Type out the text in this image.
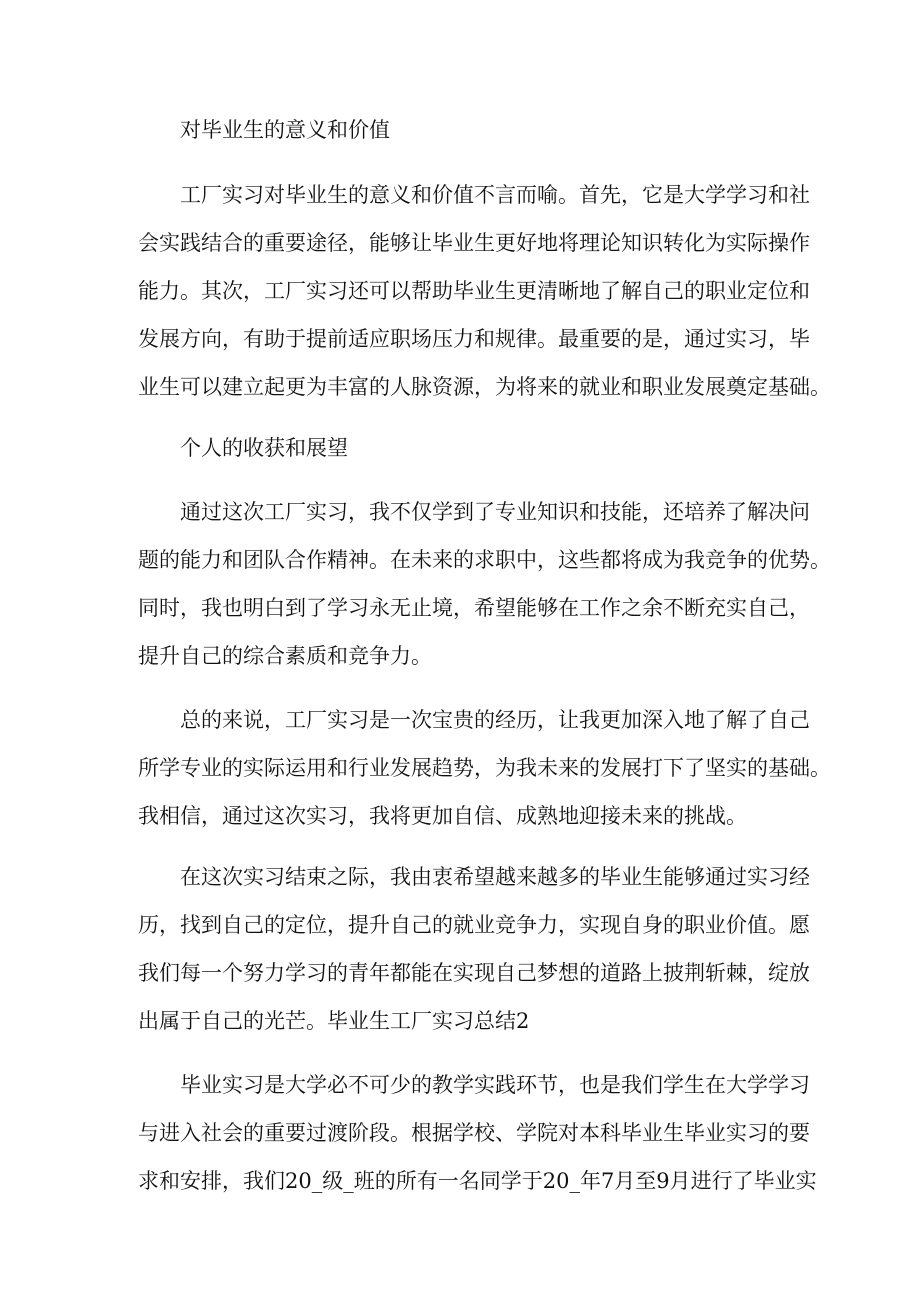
对毕业生的意义和价值
工厂实习对毕业生的意义和价值不言而喻。首先，它是大学学习和社
会实践结合的重要途径，能够让毕业生更好地将理论知识转化为实际操作
能力。其次，工厂实习还可以帮助毕业生更清晰地了解自己的职业定位和
发展方向，有助于提前适应职场压力和规律。最重要的是，通过实习，毕
业生可以建立起更为丰富的人脉资源，为将来的就业和职业发展奠定基础。
个人的收获和展望
通过这次工厂实习，我不仅学到了专业知识和技能，还培养了解决问
题的能力和团队合作精神。在未来的求职中，这些都将成为我竞争的优势。
同时，我也明白到了学习永无止境，希望能够在工作之余不断充实自己，
提升自己的综合素质和竞争力。
总的来说，工厂实习是一次宝贵的经历，让我更加深入地了解了自己
所学专业的实际运用和行业发展趋势，为我未来的发展打下了坚实的基础。
我相信，通过这次实习，我将更加自信、成熟地迎接未来的挑战。
在这次实习结束之际，我由衷希望越来越多的毕业生能够通过实习经
历，找到自己的定位，提升自己的就业竞争力，实现自身的职业价值。愿
我们每一个努力学习的青年都能在实现自己梦想的道路上披荆斩棘，绽放
出属于自己的光芒。毕业生工厂实习总结2
毕业实习是大学必不可少的教学实践环节，也是我们学生在大学学习
与进入社会的重要过渡阶段。根据学校、学院对本科毕业生毕业实习的要
求和安排，我们20_级_班的所有一名同学于20_年7月至9月进行了毕业实
